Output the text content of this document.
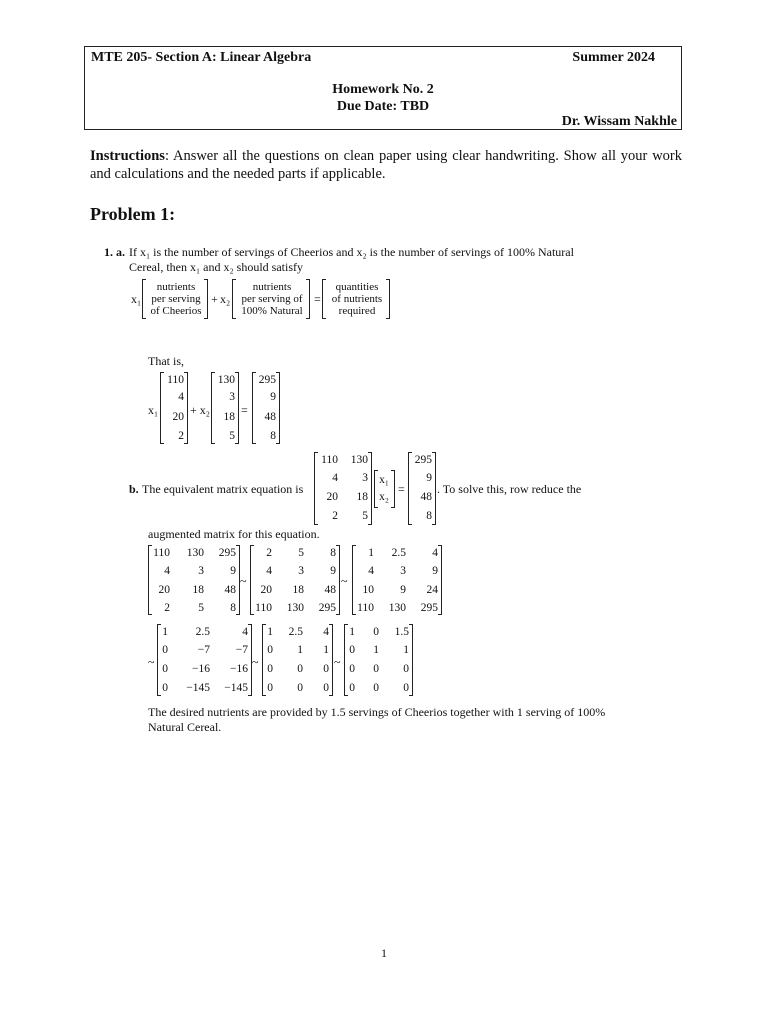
MTE 205- Section A: Linear Algebra	Summer 2024
Homework No. 2
Due Date: TBD
Dr. Wissam Nakhle
Instructions: Answer all the questions on clean paper using clear handwriting. Show all your work and calculations and the needed parts if applicable.
Problem 1:
1. a. If x₁ is the number of servings of Cheerios and x₂ is the number of servings of 100% Natural
Cereal, then x₁ and x₂ should satisfy
x₁
nutrients
per serving
of Cheerios
+ x₂
nutrients
per serving of
100% Natural
=
quantities
of nutrients
required
That is,
x₁
110
4
20
2
+ x₂
130
3
18
5
=
295
9
48
8
b. The equivalent matrix equation is
110	130
4	3
20	18
2	5
x₁
x₂
=
295
9
48
8
. To solve this, row reduce the
augmented matrix for this equation.
110	130	295
4	3	9
20	18	48
2	5	8
~
2	5	8
4	3	9
20	18	48
110	130	295
~
1	2.5	4
4	3	9
10	9	24
110	130	295
~
1	2.5	4
0	−7	−7
0	−16	−16
0	−145	−145
~
1	2.5	4
0	1	1
0	0	0
0	0	0
~
1	0	1.5
0	1	1
0	0	0
0	0	0
The desired nutrients are provided by 1.5 servings of Cheerios together with 1 serving of 100%
Natural Cereal.
1
